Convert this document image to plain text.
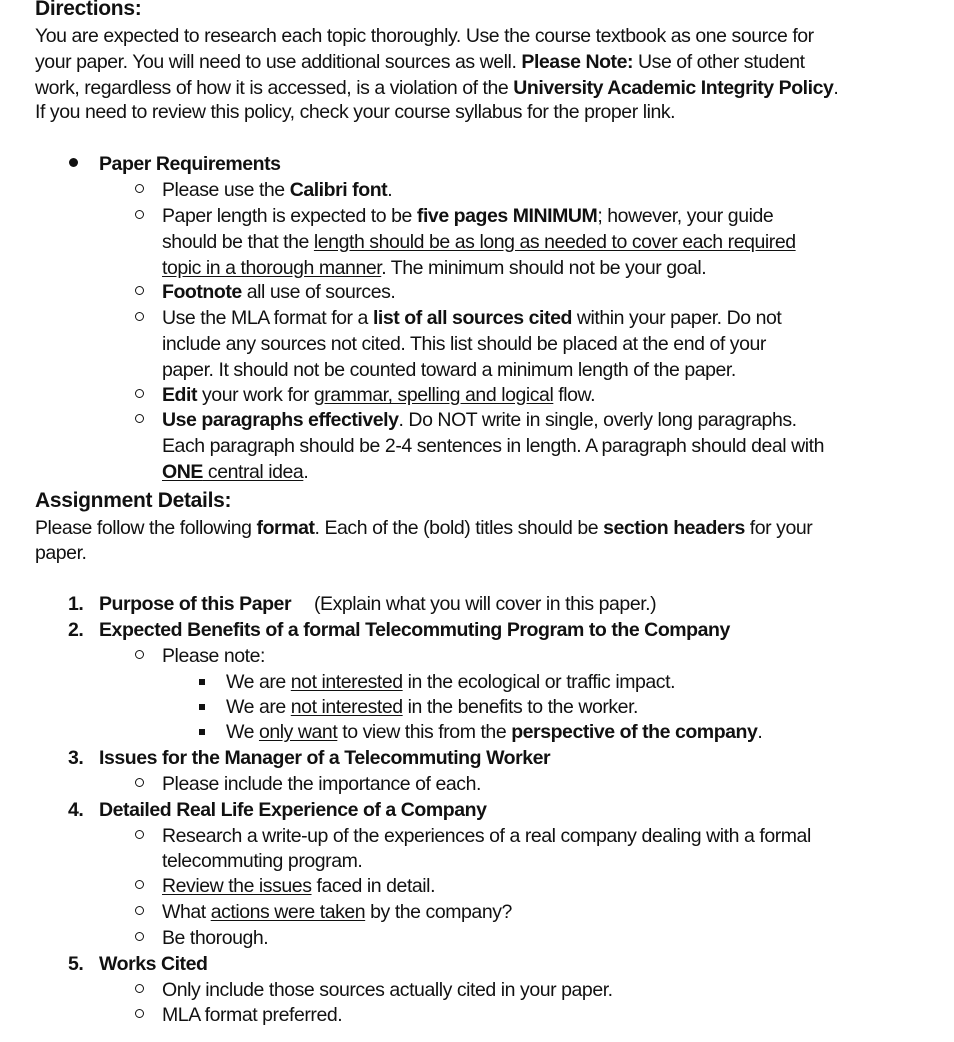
Directions:
You are expected to research each topic thoroughly. Use the course textbook as one source for
your paper. You will need to use additional sources as well. Please Note: Use of other student
work, regardless of how it is accessed, is a violation of the University Academic Integrity Policy.
If you need to review this policy, check your course syllabus for the proper link.
Paper Requirements
Please use the Calibri font.
Paper length is expected to be five pages MINIMUM; however, your guide
should be that the length should be as long as needed to cover each required
topic in a thorough manner. The minimum should not be your goal.
Footnote all use of sources.
Use the MLA format for a list of all sources cited within your paper. Do not
include any sources not cited. This list should be placed at the end of your
paper. It should not be counted toward a minimum length of the paper.
Edit your work for grammar, spelling and logical flow.
Use paragraphs effectively. Do NOT write in single, overly long paragraphs.
Each paragraph should be 2-4 sentences in length. A paragraph should deal with
ONE central idea.
Assignment Details:
Please follow the following format. Each of the (bold) titles should be section headers for your
paper.
1. Purpose of this Paper (Explain what you will cover in this paper.)
2. Expected Benefits of a formal Telecommuting Program to the Company
Please note:
We are not interested in the ecological or traffic impact.
We are not interested in the benefits to the worker.
We only want to view this from the perspective of the company.
3. Issues for the Manager of a Telecommuting Worker
Please include the importance of each.
4. Detailed Real Life Experience of a Company
Research a write-up of the experiences of a real company dealing with a formal
telecommuting program.
Review the issues faced in detail.
What actions were taken by the company?
Be thorough.
5. Works Cited
Only include those sources actually cited in your paper.
MLA format preferred.
